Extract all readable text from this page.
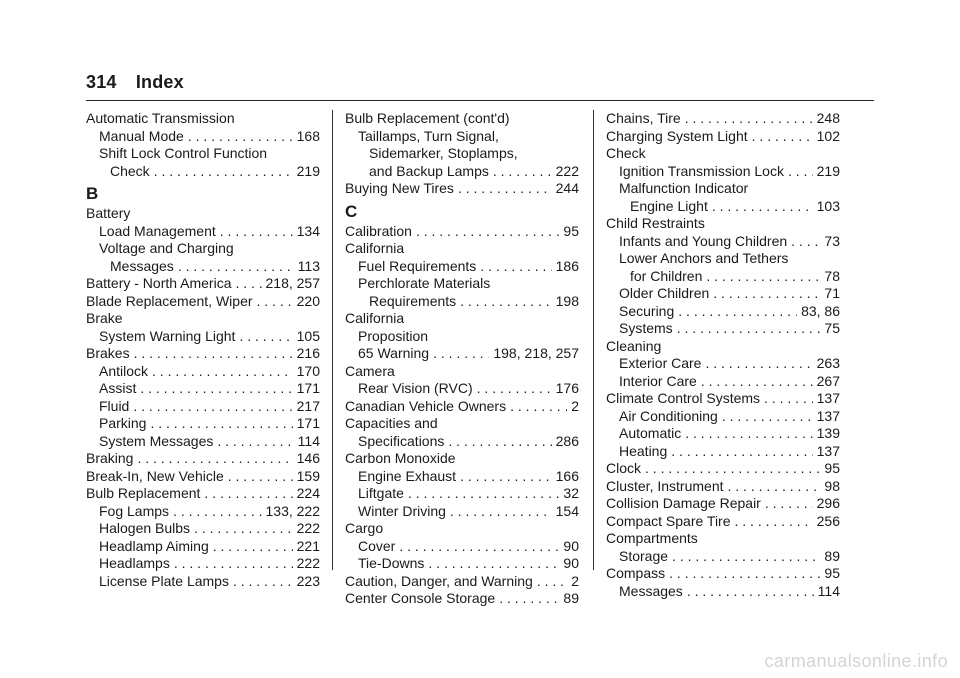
314 Index
Automatic Transmission
Manual Mode . . .	168
Shift Lock Control Function
Check . . .	219
B
Battery
Load Management . . .	134
Voltage and Charging
Messages . . .	113
Battery - North America . . . 218, 257
Blade Replacement, Wiper . . .	220
Brake
System Warning Light . . .	105
Brakes . . .	216
Antilock . . .	170
Assist . . .	171
Fluid . . .	217
Parking . . .	171
System Messages . . .	114
Braking . . .	146
Break-In, New Vehicle . . .	159
Bulb Replacement . . .	224
Fog Lamps . . .	133, 222
Halogen Bulbs . . .	222
Headlamp Aiming . . .	221
Headlamps . . .	222
License Plate Lamps . . .	223
Bulb Replacement (cont'd)
Taillamps, Turn Signal,
Sidemarker, Stoplamps,
and Backup Lamps . . .	222
Buying New Tires . . .	244
C
Calibration . . .	95
California
Fuel Requirements . . .	186
Perchlorate Materials
Requirements . . .	198
California
Proposition
65 Warning . . .	198, 218, 257
Camera
Rear Vision (RVC) . . .	176
Canadian Vehicle Owners . . .	2
Capacities and
Specifications . . .	286
Carbon Monoxide
Engine Exhaust . . .	166
Liftgate . . .	32
Winter Driving . . .	154
Cargo
Cover . . .	90
Tie-Downs . . .	90
Caution, Danger, and Warning . . .	2
Center Console Storage . . .	89
Chains, Tire . . .	248
Charging System Light . . .	102
Check
Ignition Transmission Lock . . . 219
Malfunction Indicator
Engine Light . . .	103
Child Restraints
Infants and Young Children . . .	73
Lower Anchors and Tethers
for Children . . .	78
Older Children . . .	71
Securing . . .	83, 86
Systems . . .	75
Cleaning
Exterior Care . . .	263
Interior Care . . .	267
Climate Control Systems . . .	137
Air Conditioning . . .	137
Automatic . . .	139
Heating . . .	137
Clock . . .	95
Cluster, Instrument . . .	98
Collision Damage Repair . . .	296
Compact Spare Tire . . .	256
Compartments
Storage . . .	89
Compass . . .	95
Messages . . .	114
carmanualsonline.info
